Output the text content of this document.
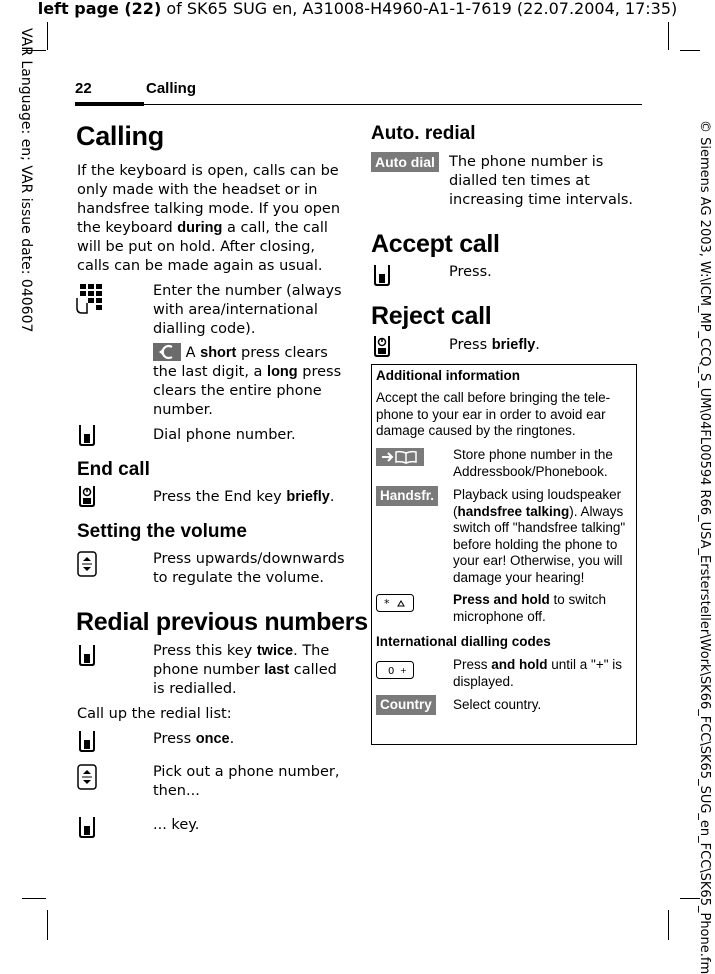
left page (22) of SK65 SUG en, A31008-H4960-A1-1-7619 (22.07.2004, 17:35)
VAR Language: en; VAR issue date: 040607	© Siemens AG 2003, W:\ICM_MP_CCQ_S_UM\04FL00594 R66_USA_Erstersteller\Work\SK66_FCC\SK65_SUG_en_FCC\SK65_Phone.fm
22	Calling
Calling
If the keyboard is open, calls can be
only made with the headset or in
handsfree talking mode. If you open
the keyboard during a call, the call
will be put on hold. After closing,
calls can be made again as usual.
Enter the number (always
with area/international
dialling code).
A short press clears
the last digit, a long press
clears the entire phone
number.
Dial phone number.
End call
Press the End key briefly.
Setting the volume
Press upwards/downwards
to regulate the volume.
Redial previous numbers
Press this key twice. The
phone number last called
is redialled.
Call up the redial list:
Press once.
Pick out a phone number,
then...
... key.
Auto. redial
Auto dial The phone number is
dialled ten times at
increasing time intervals.
Accept call
Press.
Reject call
Press briefly.
Additional information
Accept the call before bringing the tele-
phone to your ear in order to avoid ear
damage caused by the ringtones.
Store phone number in the
Addressbook/Phonebook.
Handsfr. Playback using loudspeaker
(handsfree talking). Always
switch off "handsfree talking"
before holding the phone to
your ear! Otherwise, you will
damage your hearing!
*	Press and hold to switch
microphone off.
International dialling codes
0 +	Press and hold until a "+" is
displayed.
Country Select country.
